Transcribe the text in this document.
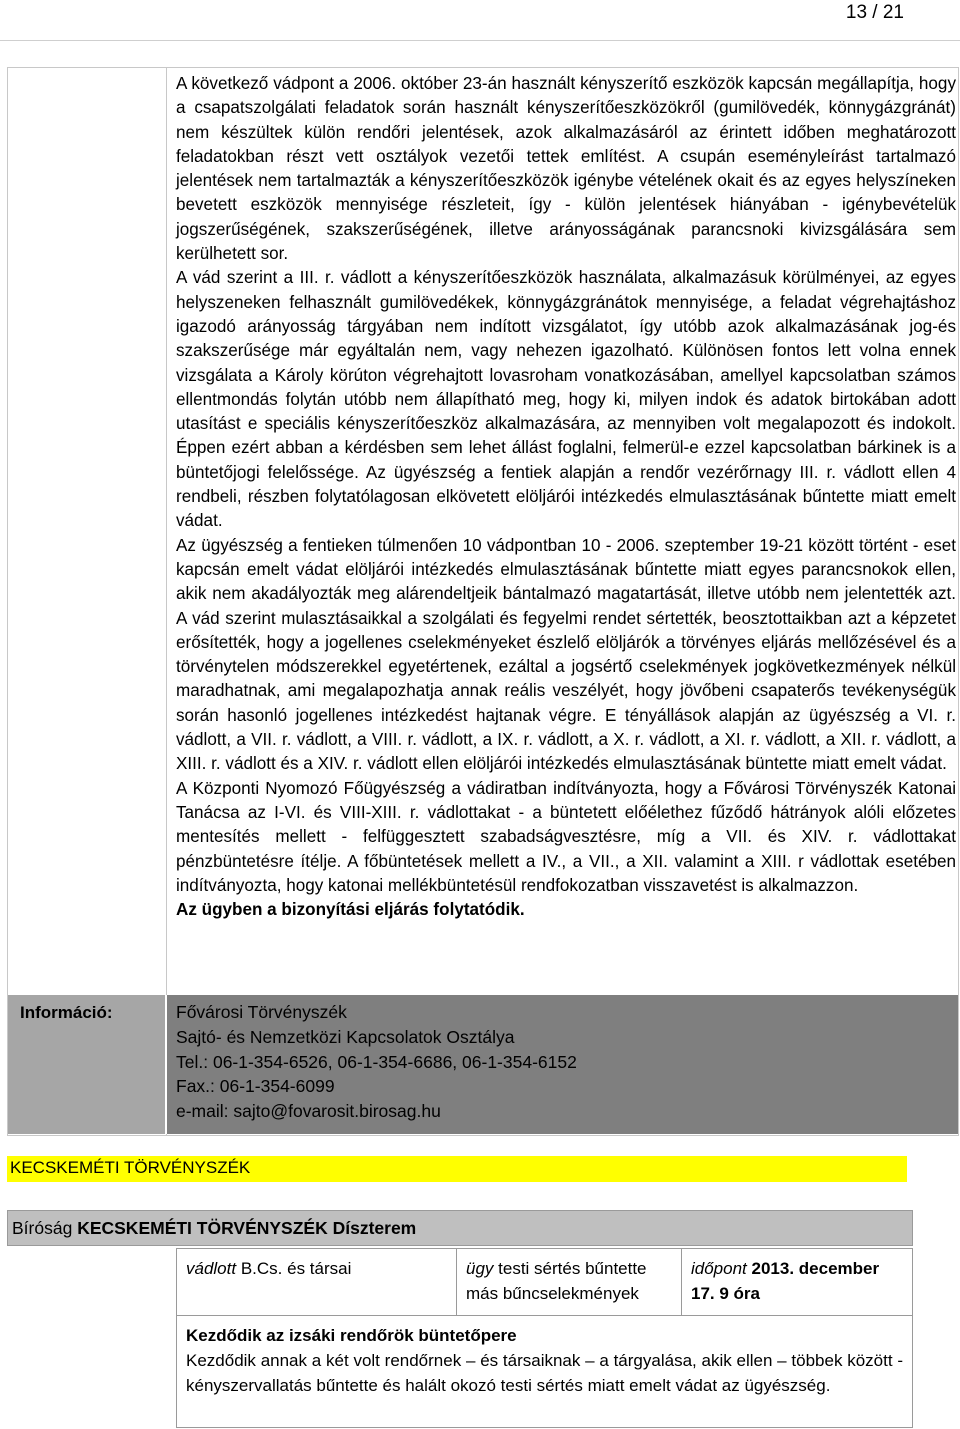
13 / 21

A következő vádpont a 2006. október 23-án használt kényszerítő eszközök kapcsán megállapítja, hogy a csapatszolgálati feladatok során használt kényszerítőeszközökről (gumilövedék, könnygázgránát) nem készültek külön rendőri jelentések, azok alkalmazásáról az érintett időben meghatározott feladatokban részt vett osztályok vezetői tettek említést. A csupán eseményleírást tartalmazó jelentések nem tartalmazták a kényszerítőeszközök igénybe vételének okait és az egyes helyszíneken bevetett eszközök mennyisége részleteit, így - külön jelentések hiányában - igénybevételük jogszerűségének, szakszerűségének, illetve arányosságának parancsnoki kivizsgálására sem kerülhetett sor.

A vád szerint a III. r. vádlott a kényszerítőeszközök használata, alkalmazásuk körülményei, az egyes helyszeneken felhasznált gumilövedékek, könnygázgránátok mennyisége, a feladat végrehajtáshoz igazodó arányosság tárgyában nem indított vizsgálatot, így utóbb azok alkalmazásának jog-és szakszerűsége már egyáltalán nem, vagy nehezen igazolható. Különösen fontos lett volna ennek vizsgálata a Károly körúton végrehajtott lovasroham vonatkozásában, amellyel kapcsolatban számos ellentmondás folytán utóbb nem állapítható meg, hogy ki, milyen indok és adatok birtokában adott utasítást e speciális kényszerítőeszköz alkalmazására, az mennyiben volt megalapozott és indokolt. Éppen ezért abban a kérdésben sem lehet állást foglalni, felmerül-e ezzel kapcsolatban bárkinek is a büntetőjogi felelőssége. Az ügyészség a fentiek alapján a rendőr vezérőrnagy III. r. vádlott ellen 4 rendbeli, részben folytatólagosan elkövetett elöljárói intézkedés elmulasztásának bűntette miatt emelt vádat.

Az ügyészség a fentieken túlmenően 10 vádpontban 10 - 2006. szeptember 19-21 között történt - eset kapcsán emelt vádat elöljárói intézkedés elmulasztásának bűntette miatt egyes parancsnokok ellen, akik nem akadályozták meg alárendeltjeik bántalmazó magatartását, illetve utóbb nem jelentették azt. A vád szerint mulasztásaikkal a szolgálati és fegyelmi rendet sértették, beosztottaikban azt a képzetet erősítették, hogy a jogellenes cselekményeket észlelő elöljárók a törvényes eljárás mellőzésével és a törvénytelen módszerekkel egyetértenek, ezáltal a jogsértő cselekmények jogkövetkezmények nélkül maradhatnak, ami megalapozhatja annak reális veszélyét, hogy jövőbeni csapaterős tevékenységük során hasonló jogellenes intézkedést hajtanak végre. E tényállások alapján az ügyészség a VI. r. vádlott, a VII. r. vádlott, a VIII. r. vádlott, a IX. r. vádlott, a X. r. vádlott, a XI. r. vádlott, a XII. r. vádlott, a XIII. r. vádlott és a XIV. r. vádlott ellen elöljárói intézkedés elmulasztásának büntette miatt emelt vádat.

A Központi Nyomozó Főügyészség a vádiratban indítványozta, hogy a Fővárosi Törvényszék Katonai Tanácsa az I-VI. és VIII-XIII. r. vádlottakat - a büntetett előélethez fűződő hátrányok alóli előzetes mentesítés mellett - felfüggesztett szabadságvesztésre, míg a VII. és XIV. r. vádlottakat pénzbüntetésre ítélje. A főbüntetések mellett a IV., a VII., a XII. valamint a XIII. r vádlottak esetében indítványozta, hogy katonai mellékbüntetésül rendfokozatban visszavetést is alkalmazzon.

Az ügyben a bizonyítási eljárás folytatódik.

Információ:	Fővárosi Törvényszék
Sajtó- és Nemzetközi Kapcsolatok Osztálya
Tel.: 06-1-354-6526, 06-1-354-6686, 06-1-354-6152
Fax.: 06-1-354-6099
e-mail: sajto@fovarosit.birosag.hu
KECSKEMÉTI TÖRVÉNYSZÉK
Bíróság KECSKEMÉTI TÖRVÉNYSZÉK Díszterem
vádlott B.Cs. és társai	ügy testi sértés bűntette
más bűncselekmények
időpont 2013. december
17. 9 óra
Kezdődik az izsáki rendőrök büntetőpere
Kezdődik annak a két volt rendőrnek – és társaiknak – a tárgyalása, akik ellen – többek között - kényszervallatás bűntette és halált okozó testi sértés miatt emelt vádat az ügyészség.
